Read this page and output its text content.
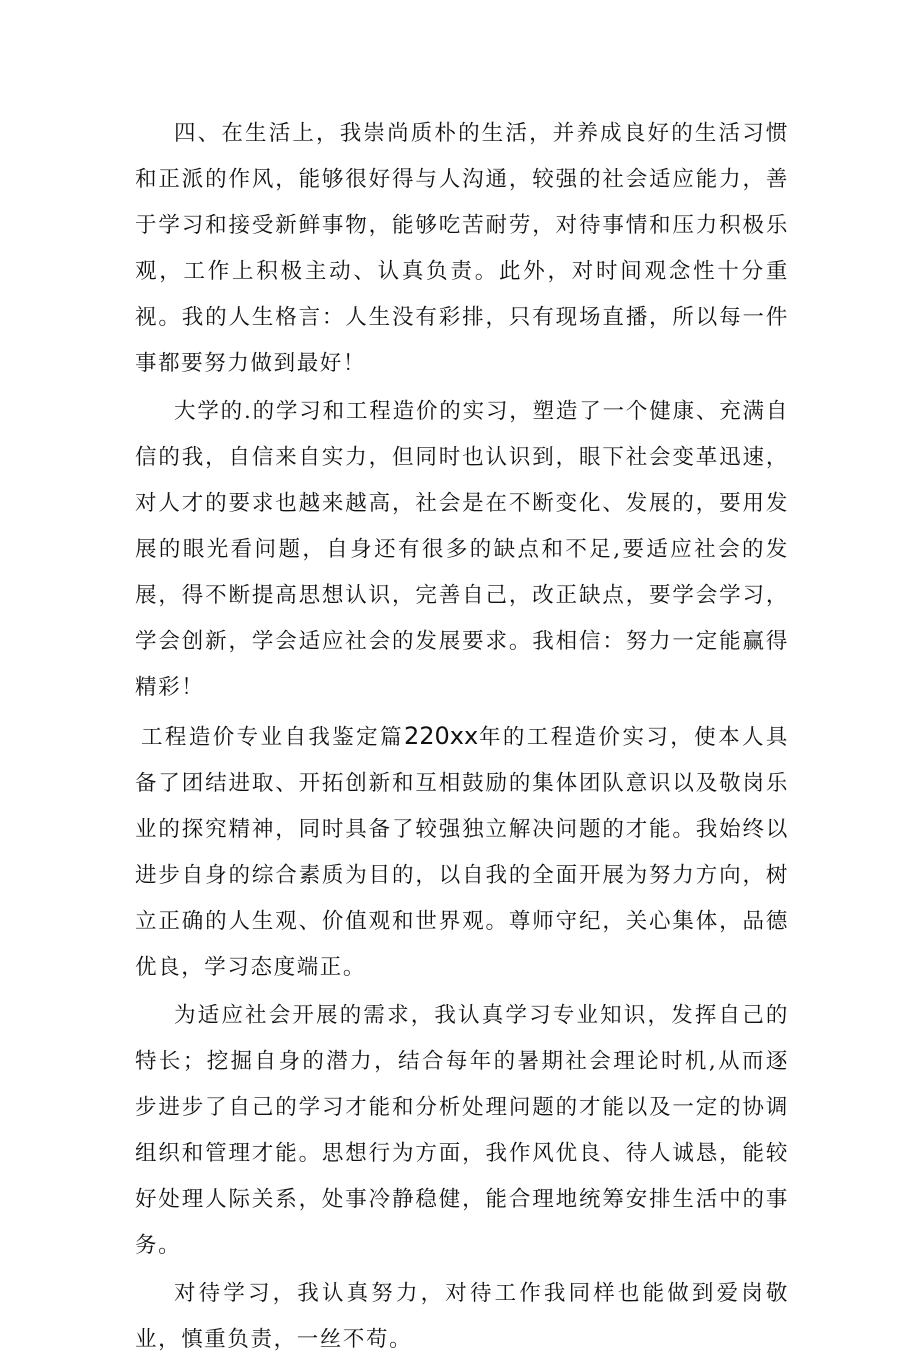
四、在生活上，我崇尚质朴的生活，并养成良好的生活习惯和正派的作风，能够很好得与人沟通，较强的社会适应能力，善于学习和接受新鲜事物，能够吃苦耐劳，对待事情和压力积极乐观，工作上积极主动、认真负责。此外，对时间观念性十分重视。我的人生格言：人生没有彩排，只有现场直播，所以每一件事都要努力做到最好！

大学的.的学习和工程造价的实习，塑造了一个健康、充满自信的我，自信来自实力，但同时也认识到，眼下社会变革迅速，对人才的要求也越来越高，社会是在不断变化、发展的，要用发展的眼光看问题，自身还有很多的缺点和不足,要适应社会的发展，得不断提高思想认识，完善自己，改正缺点，要学会学习，学会创新，学会适应社会的发展要求。我相信：努力一定能赢得精彩！

工程造价专业自我鉴定篇220xx年的工程造价实习，使本人具备了团结进取、开拓创新和互相鼓励的集体团队意识以及敬岗乐业的探究精神，同时具备了较强独立解决问题的才能。我始终以进步自身的综合素质为目的，以自我的全面开展为努力方向，树立正确的人生观、价值观和世界观。尊师守纪，关心集体，品德优良，学习态度端正。

为适应社会开展的需求，我认真学习专业知识，发挥自己的特长；挖掘自身的潜力，结合每年的暑期社会理论时机,从而逐步进步了自己的学习才能和分析处理问题的才能以及一定的协调组织和管理才能。思想行为方面，我作风优良、待人诚恳，能较好处理人际关系，处事冷静稳健，能合理地统筹安排生活中的事务。

对待学习，我认真努力，对待工作我同样也能做到爱岗敬业，慎重负责，一丝不苟。
